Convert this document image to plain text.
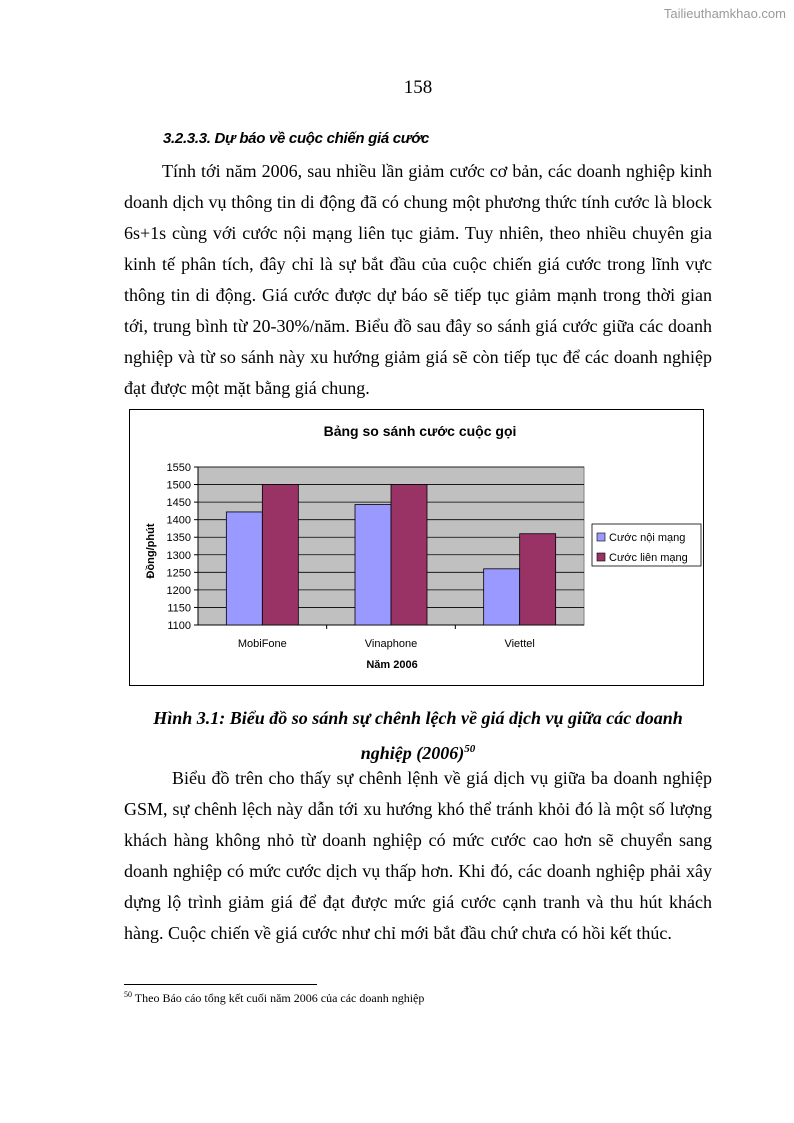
Tailieuthamkhao.com
158
3.2.3.3. Dự báo về cuộc chiến giá cước
Tính tới năm 2006, sau nhiều lần giảm cước cơ bản, các doanh nghiệp kinh doanh dịch vụ thông tin di động đã có chung một phương thức tính cước là block 6s+1s cùng với cước nội mạng liên tục giảm. Tuy nhiên, theo nhiều chuyên gia kinh tế phân tích, đây chỉ là sự bắt đầu của cuộc chiến giá cước trong lĩnh vực thông tin di động. Giá cước được dự báo sẽ tiếp tục giảm mạnh trong thời gian tới, trung bình từ 20-30%/năm. Biểu đồ sau đây so sánh giá cước giữa các doanh nghiệp và từ so sánh này xu hướng giảm giá sẽ còn tiếp tục để các doanh nghiệp đạt được một mặt bằng giá chung.
Bảng so sánh cước cuộc gọi
1100
1150
1200
1250
1300
1350
1400
1450
1500
1550
MobiFone	Vinaphone	Viettel
Cước nội mạng
Cước liên mạng
Đồng/phút
Năm 2006
Hình 3.1: Biểu đồ so sánh sự chênh lệch về giá dịch vụ giữa các doanh
nghiệp $(2006)^{50}$
Biểu đồ trên cho thấy sự chênh lệnh về giá dịch vụ giữa ba doanh nghiệp GSM, sự chênh lệch này dẫn tới xu hướng khó thể tránh khỏi đó là một số lượng khách hàng không nhỏ từ doanh nghiệp có mức cước cao hơn sẽ chuyển sang doanh nghiệp có mức cước dịch vụ thấp hơn. Khi đó, các doanh nghiệp phải xây dựng lộ trình giảm giá để đạt được mức giá cước cạnh tranh và thu hút khách hàng. Cuộc chiến về giá cước như chỉ mới bắt đầu chứ chưa có hồi kết thúc.
$^{50}$ Theo Báo cáo tổng kết cuối năm 2006 của các doanh nghiệp
